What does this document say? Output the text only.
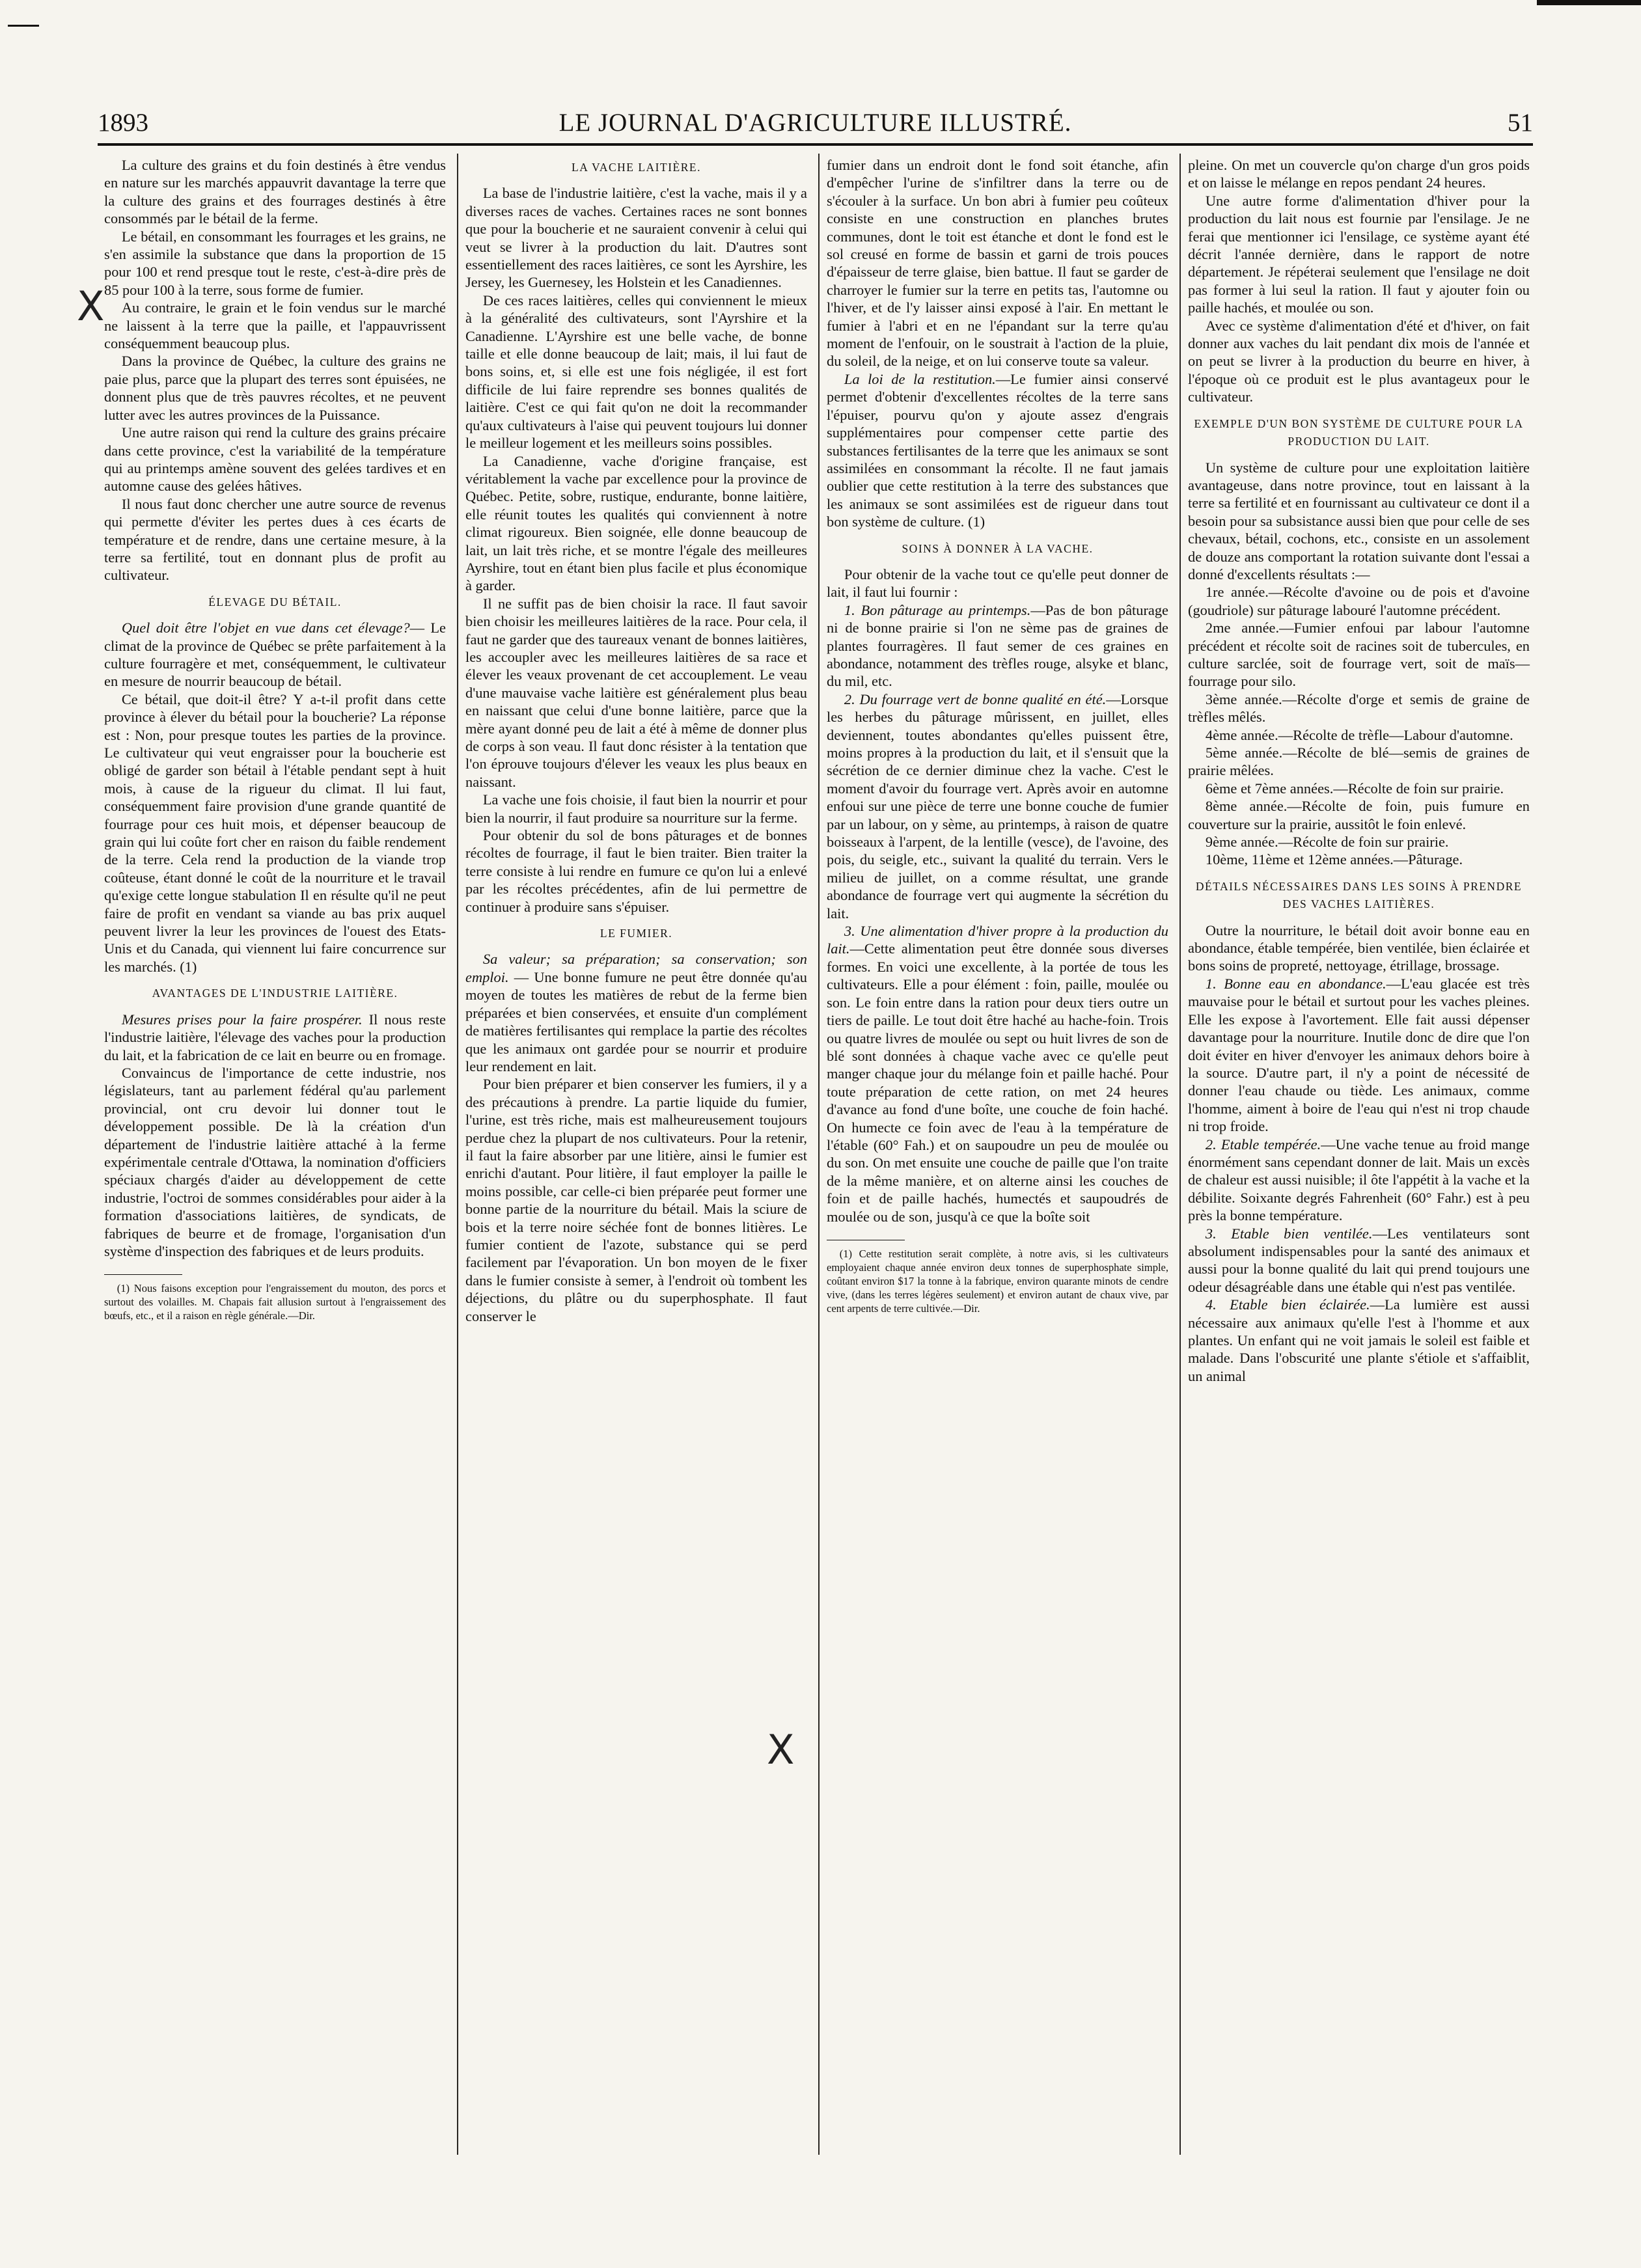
1893	LE JOURNAL D'AGRICULTURE ILLUSTRÉ.	51
X
X

La culture des grains et du foin destinés à être vendus en nature sur les marchés appauvrit davantage la terre que la culture des grains et des fourrages destinés à être consommés par le bétail de la ferme.

Le bétail, en consommant les fourrages et les grains, ne s'en assimile la substance que dans la proportion de 15 pour 100 et rend presque tout le reste, c'est-à-dire près de 85 pour 100 à la terre, sous forme de fumier.

Au contraire, le grain et le foin vendus sur le marché ne laissent à la terre que la paille, et l'appauvrissent conséquemment beaucoup plus.

Dans la province de Québec, la culture des grains ne paie plus, parce que la plupart des terres sont épuisées, ne donnent plus que de très pauvres récoltes, et ne peuvent lutter avec les autres provinces de la Puissance.

Une autre raison qui rend la culture des grains précaire dans cette province, c'est la variabilité de la température qui au printemps amène souvent des gelées tardives et en automne cause des gelées hâtives.

Il nous faut donc chercher une autre source de revenus qui permette d'éviter les pertes dues à ces écarts de température et de rendre, dans une certaine mesure, à la terre sa fertilité, tout en donnant plus de profit au cultivateur.

ÉLEVAGE DU BÉTAIL.

Quel doit être l'objet en vue dans cet élevage?— Le climat de la province de Québec se prête parfaitement à la culture fourragère et met, conséquemment, le cultivateur en mesure de nourrir beaucoup de bétail.

Ce bétail, que doit-il être? Y a-t-il profit dans cette province à élever du bétail pour la boucherie? La réponse est : Non, pour presque toutes les parties de la province. Le cultivateur qui veut engraisser pour la boucherie est obligé de garder son bétail à l'étable pendant sept à huit mois, à cause de la rigueur du climat. Il lui faut, conséquemment faire provision d'une grande quantité de fourrage pour ces huit mois, et dépenser beaucoup de grain qui lui coûte fort cher en raison du faible rendement de la terre. Cela rend la production de la viande trop coûteuse, étant donné le coût de la nourriture et le travail qu'exige cette longue stabulation Il en résulte qu'il ne peut faire de profit en vendant sa viande au bas prix auquel peuvent livrer la leur les provinces de l'ouest des Etats-Unis et du Canada, qui viennent lui faire concurrence sur les marchés. (1)

AVANTAGES DE L'INDUSTRIE LAITIÈRE.

Mesures prises pour la faire prospérer. Il nous reste l'industrie laitière, l'élevage des vaches pour la production du lait, et la fabrication de ce lait en beurre ou en fromage.

Convaincus de l'importance de cette industrie, nos législateurs, tant au parlement fédéral qu'au parlement provincial, ont cru devoir lui donner tout le développement possible. De là la création d'un département de l'industrie laitière attaché à la ferme expérimentale centrale d'Ottawa, la nomination d'officiers spéciaux chargés d'aider au développement de cette industrie, l'octroi de sommes considérables pour aider à la formation d'associations laitières, de syndicats, de fabriques de beurre et de fromage, l'organisation d'un système d'inspection des fabriques et de leurs produits.

(1) Nous faisons exception pour l'engraissement du mouton, des porcs et surtout des volailles. M. Chapais fait allusion surtout à l'engraissement des bœufs, etc., et il a raison en règle générale.—Dir.

LA VACHE LAITIÈRE.

La base de l'industrie laitière, c'est la vache, mais il y a diverses races de vaches. Certaines races ne sont bonnes que pour la boucherie et ne sauraient convenir à celui qui veut se livrer à la production du lait. D'autres sont essentiellement des races laitières, ce sont les Ayrshire, les Jersey, les Guernesey, les Holstein et les Canadiennes.

De ces races laitières, celles qui conviennent le mieux à la généralité des cultivateurs, sont l'Ayrshire et la Canadienne. L'Ayrshire est une belle vache, de bonne taille et elle donne beaucoup de lait; mais, il lui faut de bons soins, et, si elle est une fois négligée, il est fort difficile de lui faire reprendre ses bonnes qualités de laitière. C'est ce qui fait qu'on ne doit la recommander qu'aux cultivateurs à l'aise qui peuvent toujours lui donner le meilleur logement et les meilleurs soins possibles.

La Canadienne, vache d'origine française, est véritablement la vache par excellence pour la province de Québec. Petite, sobre, rustique, endurante, bonne laitière, elle réunit toutes les qualités qui conviennent à notre climat rigoureux. Bien soignée, elle donne beaucoup de lait, un lait très riche, et se montre l'égale des meilleures Ayrshire, tout en étant bien plus facile et plus économique à garder.

Il ne suffit pas de bien choisir la race. Il faut savoir bien choisir les meilleures laitières de la race. Pour cela, il faut ne garder que des taureaux venant de bonnes laitières, les accoupler avec les meilleures laitières de sa race et élever les veaux provenant de cet accouplement. Le veau d'une mauvaise vache laitière est généralement plus beau en naissant que celui d'une bonne laitière, parce que la mère ayant donné peu de lait a été à même de donner plus de corps à son veau. Il faut donc résister à la tentation que l'on éprouve toujours d'élever les veaux les plus beaux en naissant.

La vache une fois choisie, il faut bien la nourrir et pour bien la nourrir, il faut produire sa nourriture sur la ferme.

Pour obtenir du sol de bons pâturages et de bonnes récoltes de fourrage, il faut le bien traiter. Bien traiter la terre consiste à lui rendre en fumure ce qu'on lui a enlevé par les récoltes précédentes, afin de lui permettre de continuer à produire sans s'épuiser.

LE FUMIER.

Sa valeur; sa préparation; sa conservation; son emploi. — Une bonne fumure ne peut être donnée qu'au moyen de toutes les matières de rebut de la ferme bien préparées et bien conservées, et ensuite d'un complément de matières fertilisantes qui remplace la partie des récoltes que les animaux ont gardée pour se nourrir et produire leur rendement en lait.

Pour bien préparer et bien conserver les fumiers, il y a des précautions à prendre. La partie liquide du fumier, l'urine, est très riche, mais est malheureusement toujours perdue chez la plupart de nos cultivateurs. Pour la retenir, il faut la faire absorber par une litière, ainsi le fumier est enrichi d'autant. Pour litière, il faut employer la paille le moins possible, car celle-ci bien préparée peut former une bonne partie de la nourriture du bétail. Mais la sciure de bois et la terre noire séchée font de bonnes litières. Le fumier contient de l'azote, substance qui se perd facilement par l'évaporation. Un bon moyen de le fixer dans le fumier consiste à semer, à l'endroit où tombent les déjections, du plâtre ou du superphosphate. Il faut conserver le

fumier dans un endroit dont le fond soit étanche, afin d'empêcher l'urine de s'infiltrer dans la terre ou de s'écouler à la surface. Un bon abri à fumier peu coûteux consiste en une construction en planches brutes communes, dont le toit est étanche et dont le fond est le sol creusé en forme de bassin et garni de trois pouces d'épaisseur de terre glaise, bien battue. Il faut se garder de charroyer le fumier sur la terre en petits tas, l'automne ou l'hiver, et de l'y laisser ainsi exposé à l'air. En mettant le fumier à l'abri et en ne l'épandant sur la terre qu'au moment de l'enfouir, on le soustrait à l'action de la pluie, du soleil, de la neige, et on lui conserve toute sa valeur.

La loi de la restitution.—Le fumier ainsi conservé permet d'obtenir d'excellentes récoltes de la terre sans l'épuiser, pourvu qu'on y ajoute assez d'engrais supplémentaires pour compenser cette partie des substances fertilisantes de la terre que les animaux se sont assimilées en consommant la récolte. Il ne faut jamais oublier que cette restitution à la terre des substances que les animaux se sont assimilées est de rigueur dans tout bon système de culture. (1)

SOINS À DONNER À LA VACHE.

Pour obtenir de la vache tout ce qu'elle peut donner de lait, il faut lui fournir :

1. Bon pâturage au printemps.—Pas de bon pâturage ni de bonne prairie si l'on ne sème pas de graines de plantes fourragères. Il faut semer de ces graines en abondance, notamment des trèfles rouge, alsyke et blanc, du mil, etc.

2. Du fourrage vert de bonne qualité en été.—Lorsque les herbes du pâturage mûrissent, en juillet, elles deviennent, toutes abondantes qu'elles puissent être, moins propres à la production du lait, et il s'ensuit que la sécrétion de ce dernier diminue chez la vache. C'est le moment d'avoir du fourrage vert. Après avoir en automne enfoui sur une pièce de terre une bonne couche de fumier par un labour, on y sème, au printemps, à raison de quatre boisseaux à l'arpent, de la lentille (vesce), de l'avoine, des pois, du seigle, etc., suivant la qualité du terrain. Vers le milieu de juillet, on a comme résultat, une grande abondance de fourrage vert qui augmente la sécrétion du lait.

3. Une alimentation d'hiver propre à la production du lait.—Cette alimentation peut être donnée sous diverses formes. En voici une excellente, à la portée de tous les cultivateurs. Elle a pour élément : foin, paille, moulée ou son. Le foin entre dans la ration pour deux tiers outre un tiers de paille. Le tout doit être haché au hache-foin. Trois ou quatre livres de moulée ou sept ou huit livres de son de blé sont données à chaque vache avec ce qu'elle peut manger chaque jour du mélange foin et paille haché. Pour toute préparation de cette ration, on met 24 heures d'avance au fond d'une boîte, une couche de foin haché. On humecte ce foin avec de l'eau à la température de l'étable (60° Fah.) et on saupoudre un peu de moulée ou du son. On met ensuite une couche de paille que l'on traite de la même manière, et on alterne ainsi les couches de foin et de paille hachés, humectés et saupoudrés de moulée ou de son, jusqu'à ce que la boîte soit

(1) Cette restitution serait complète, à notre avis, si les cultivateurs employaient chaque année environ deux tonnes de superphosphate simple, coûtant environ $17 la tonne à la fabrique, environ quarante minots de cendre vive, (dans les terres légères seulement) et environ autant de chaux vive, par cent arpents de terre cultivée.—Dir.

pleine. On met un couvercle qu'on charge d'un gros poids et on laisse le mélange en repos pendant 24 heures.

Une autre forme d'alimentation d'hiver pour la production du lait nous est fournie par l'ensilage. Je ne ferai que mentionner ici l'ensilage, ce système ayant été décrit l'année dernière, dans le rapport de notre département. Je répéterai seulement que l'ensilage ne doit pas former à lui seul la ration. Il faut y ajouter foin ou paille hachés, et moulée ou son.

Avec ce système d'alimentation d'été et d'hiver, on fait donner aux vaches du lait pendant dix mois de l'année et on peut se livrer à la production du beurre en hiver, à l'époque où ce produit est le plus avantageux pour le cultivateur.

EXEMPLE D'UN BON SYSTÈME DE CULTURE POUR LA PRODUCTION DU LAIT.

Un système de culture pour une exploitation laitière avantageuse, dans notre province, tout en laissant à la terre sa fertilité et en fournissant au cultivateur ce dont il a besoin pour sa subsistance aussi bien que pour celle de ses chevaux, bétail, cochons, etc., consiste en un assolement de douze ans comportant la rotation suivante dont l'essai a donné d'excellents résultats :—

1re année.—Récolte d'avoine ou de pois et d'avoine (goudriole) sur pâturage labouré l'automne précédent.

2me année.—Fumier enfoui par labour l'automne précédent et récolte soit de racines soit de tubercules, en culture sarclée, soit de fourrage vert, soit de maïs—fourrage pour silo.

3ème année.—Récolte d'orge et semis de graine de trèfles mêlés.

4ème année.—Récolte de trèfle—Labour d'automne.

5ème année.—Récolte de blé—semis de graines de prairie mêlées.

6ème et 7ème années.—Récolte de foin sur prairie.

8ème année.—Récolte de foin, puis fumure en couverture sur la prairie, aussitôt le foin enlevé.

9ème année.—Récolte de foin sur prairie.

10ème, 11ème et 12ème années.—Pâturage.

DÉTAILS NÉCESSAIRES DANS LES SOINS À PRENDRE DES VACHES LAITIÈRES.

Outre la nourriture, le bétail doit avoir bonne eau en abondance, étable tempérée, bien ventilée, bien éclairée et bons soins de propreté, nettoyage, étrillage, brossage.

1. Bonne eau en abondance.—L'eau glacée est très mauvaise pour le bétail et surtout pour les vaches pleines. Elle les expose à l'avortement. Elle fait aussi dépenser davantage pour la nourriture. Inutile donc de dire que l'on doit éviter en hiver d'envoyer les animaux dehors boire à la source. D'autre part, il n'y a point de nécessité de donner l'eau chaude ou tiède. Les animaux, comme l'homme, aiment à boire de l'eau qui n'est ni trop chaude ni trop froide.

2. Etable tempérée.—Une vache tenue au froid mange énormément sans cependant donner de lait. Mais un excès de chaleur est aussi nuisible; il ôte l'appétit à la vache et la débilite. Soixante degrés Fahrenheit (60° Fahr.) est à peu près la bonne température.

3. Etable bien ventilée.—Les ventilateurs sont absolument indispensables pour la santé des animaux et aussi pour la bonne qualité du lait qui prend toujours une odeur désagréable dans une étable qui n'est pas ventilée.

4. Etable bien éclairée.—La lumière est aussi nécessaire aux animaux qu'elle l'est à l'homme et aux plantes. Un enfant qui ne voit jamais le soleil est faible et malade. Dans l'obscurité une plante s'étiole et s'affaiblit, un animal
